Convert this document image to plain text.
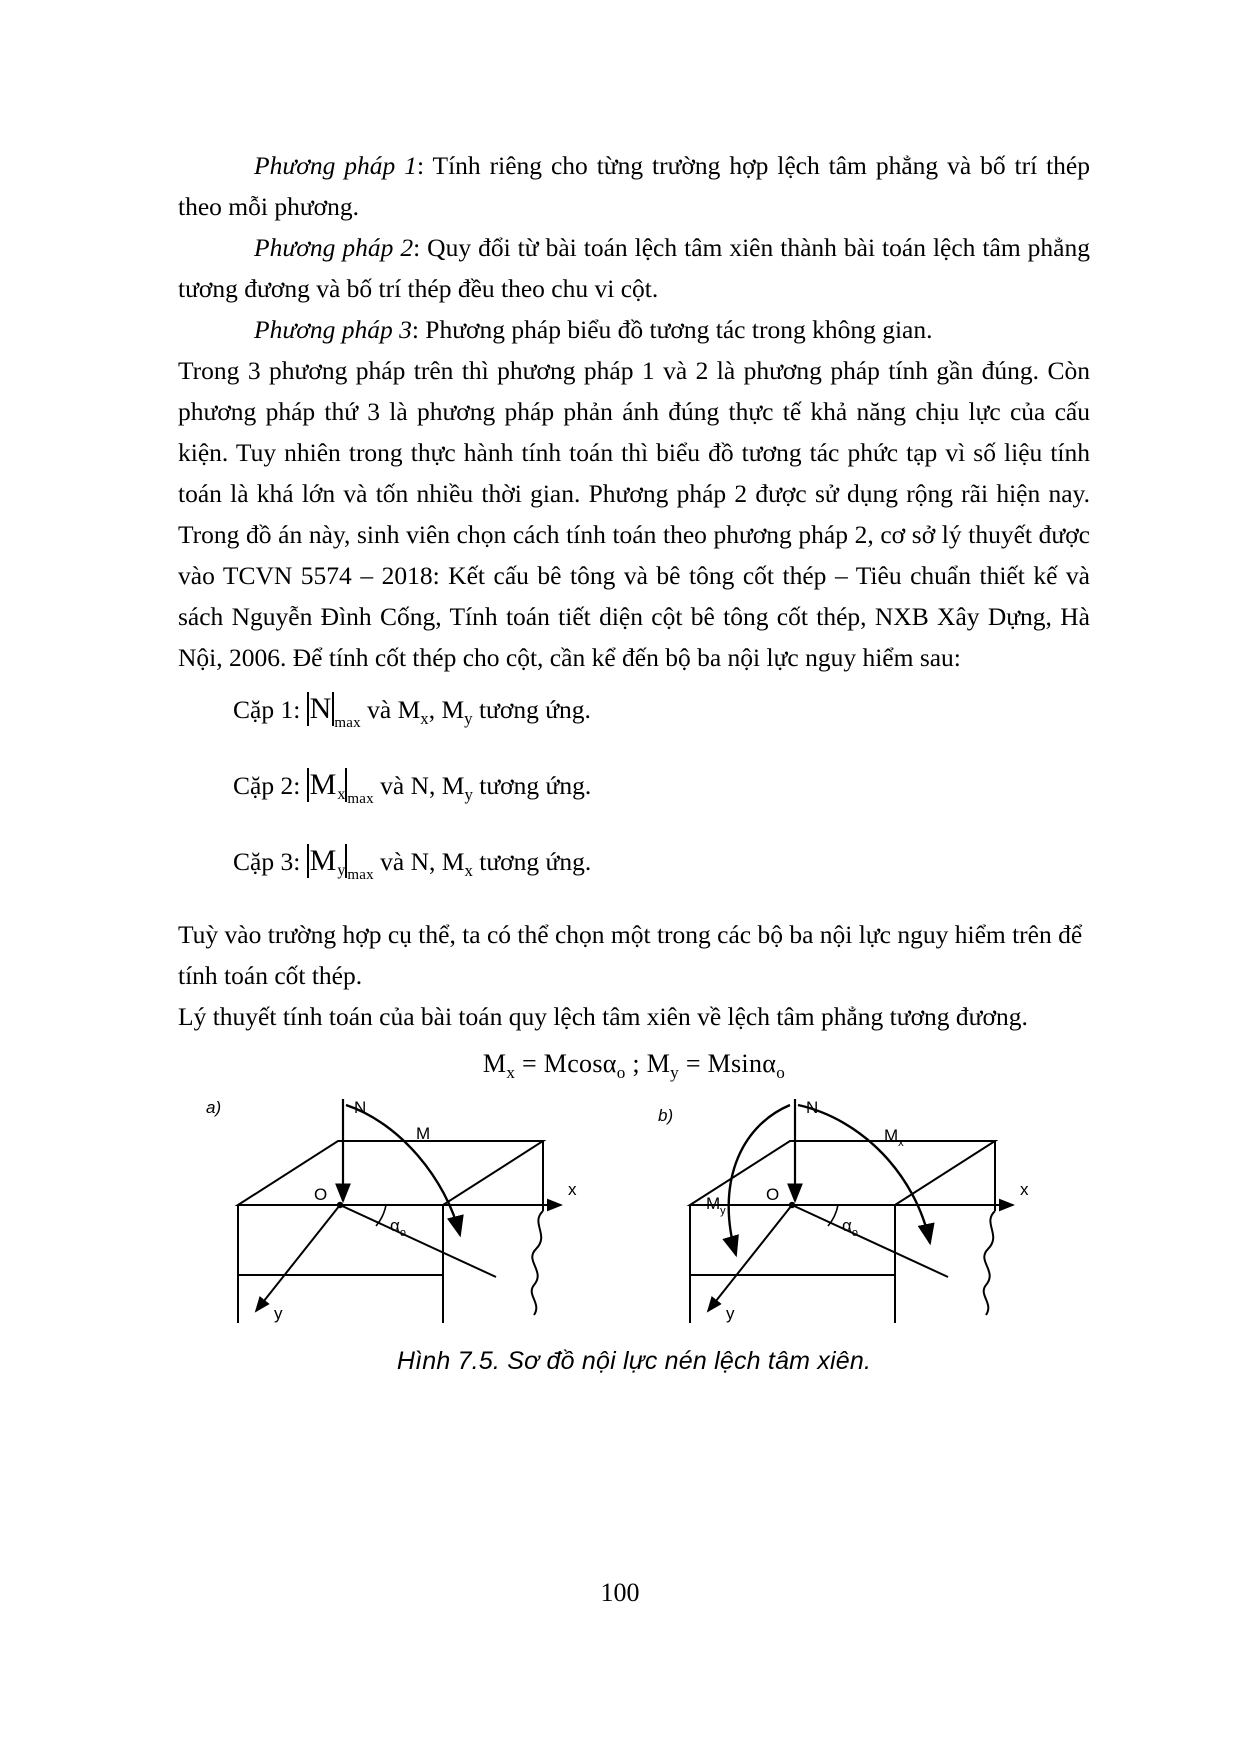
Phương pháp 1: Tính riêng cho từng trường hợp lệch tâm phẳng và bố trí thép theo mỗi phương.

Phương pháp 2: Quy đổi từ bài toán lệch tâm xiên thành bài toán lệch tâm phẳng tương đương và bố trí thép đều theo chu vi cột.

Phương pháp 3: Phương pháp biểu đồ tương tác trong không gian.

Trong 3 phương pháp trên thì phương pháp 1 và 2 là phương pháp tính gần đúng. Còn phương pháp thứ 3 là phương pháp phản ánh đúng thực tế khả năng chịu lực của cấu kiện. Tuy nhiên trong thực hành tính toán thì biểu đồ tương tác phức tạp vì số liệu tính toán là khá lớn và tốn nhiều thời gian. Phương pháp 2 được sử dụng rộng rãi hiện nay. Trong đồ án này, sinh viên chọn cách tính toán theo phương pháp 2, cơ sở lý thuyết được vào TCVN 5574 – 2018: Kết cấu bê tông và bê tông cốt thép – Tiêu chuẩn thiết kế và sách Nguyễn Đình Cống, Tính toán tiết diện cột bê tông cốt thép, NXB Xây Dựng, Hà Nội, 2006. Để tính cốt thép cho cột, cần kể đến bộ ba nội lực nguy hiểm sau:

Cặp 1: N $_{max}$ và $M_x$, $M_y$ tương ứng.
Cặp 2: $M_x$ $_{max}$ và N, $M_y$ tương ứng.
Cặp 3: $M_y$ $_{max}$ và N, $M_x$ tương ứng.

Tuỳ vào trường hợp cụ thể, ta có thể chọn một trong các bộ ba nội lực nguy hiểm trên để tính toán cốt thép.

Lý thuyết tính toán của bài toán quy lệch tâm xiên về lệch tâm phẳng tương đương.

$M_x = Mcos\alpha_o$ ; $M_y = Msin\alpha_o$

N
O	x
y
$\alpha_o$
M
a)	N
O	x
y
$\alpha_o$
$M_x$
$M_y$
b)

Hình 7.5. Sơ đồ nội lực nén lệch tâm xiên.

100
